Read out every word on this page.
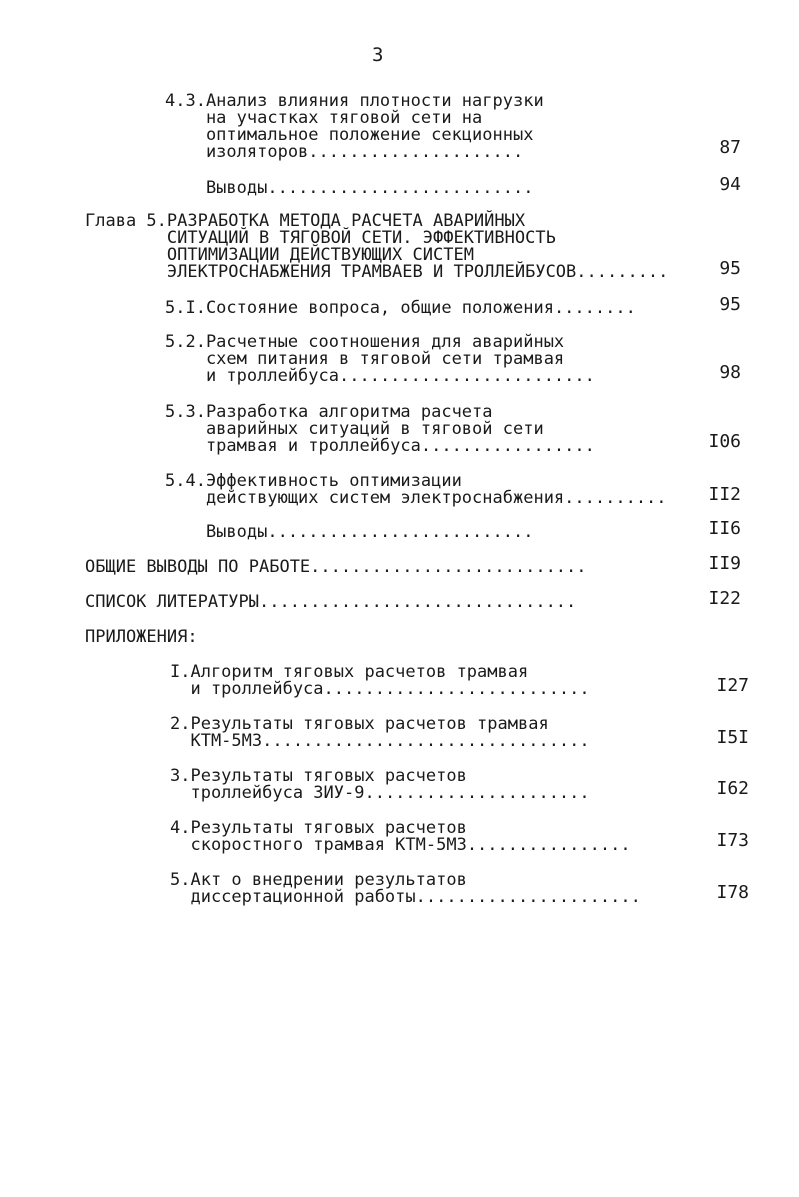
3
4.3.Анализ влияния плотности нагрузки
на участках тяговой сети на
оптимальное положение секционных
изоляторов .....................	87
Выводы ..........................	94
Глава 5.РАЗРАБОТКА МЕТОДА РАСЧЕТА АВАРИЙНЫХ
СИТУАЦИЙ В ТЯГОВОЙ СЕТИ. ЭФФЕКТИВНОСТЬ
ОПТИМИЗАЦИИ ДЕЙСТВУЮЩИХ СИСТЕМ
ЭЛЕКТРОСНАБЖЕНИЯ ТРАМВАЕВ И ТРОЛЛЕЙБУСОВ .........	95
5.I.Состояние вопроса, общие положения ........	95
5.2.Расчетные соотношения для аварийных
схем питания в тяговой сети трамвая
и троллейбуса .........................	98
5.3.Разработка алгоритма расчета
аварийных ситуаций в тяговой сети
трамвая и троллейбуса .................	I06
5.4.Эффективность оптимизации
действующих систем электроснабжения ..........	II2
Выводы ..........................	II6
ОБЩИЕ ВЫВОДЫ ПО РАБОТЕ ...........................	II9
СПИСОК ЛИТЕРАТУРЫ ...............................	I22
ПРИЛОЖЕНИЯ:
I.Алгоритм тяговых расчетов трамвая
и троллейбуса ..........................	I27
2.Результаты тяговых расчетов трамвая
КТМ-5МЗ ................................	I5I
3.Результаты тяговых расчетов
троллейбуса ЗИУ-9 ......................	I62
4.Результаты тяговых расчетов
скоростного трамвая КТМ-5МЗ ................	I73
5.Акт о внедрении результатов
диссертационной работы ......................	I78
